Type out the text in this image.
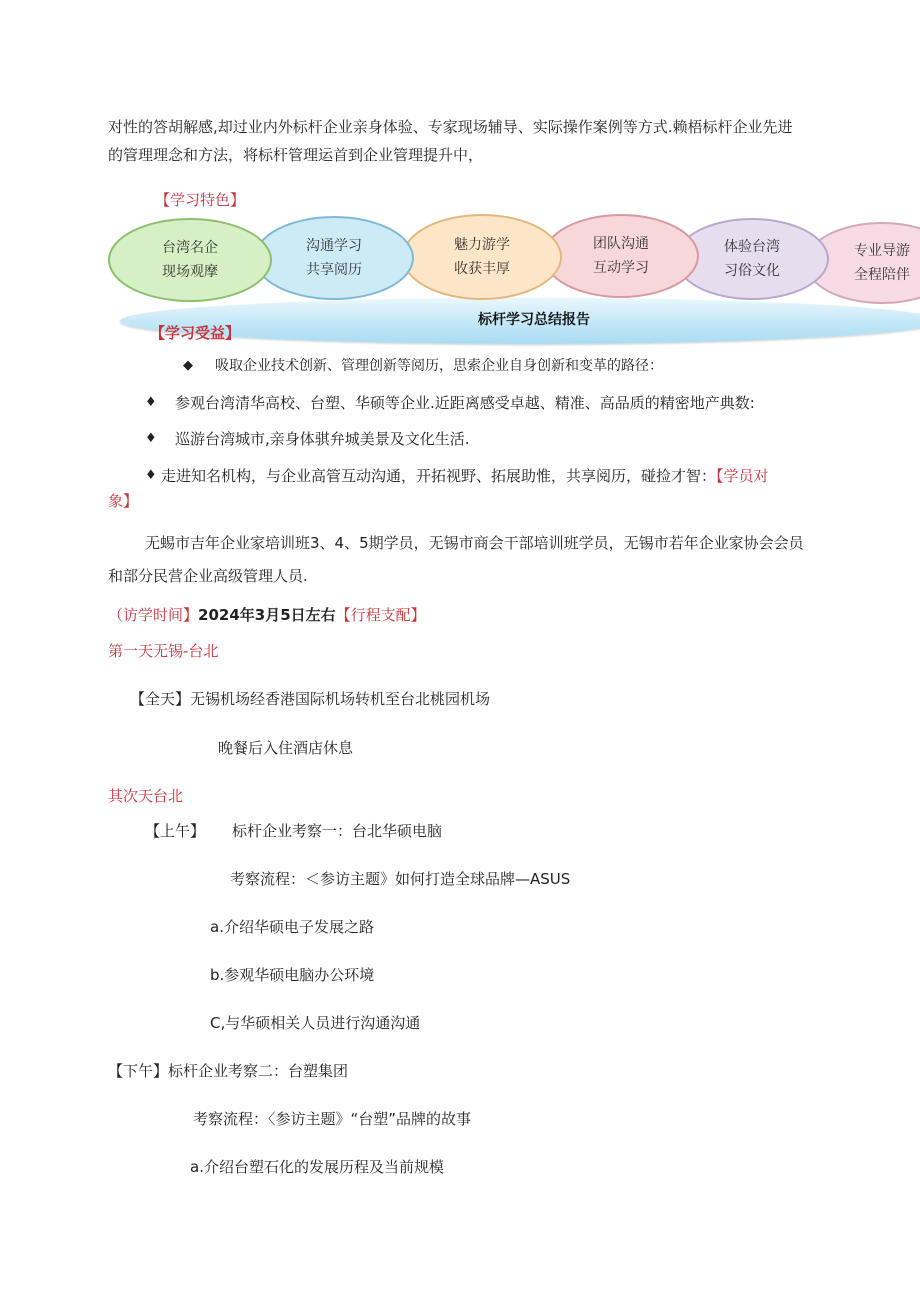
对性的答胡解感,却过业内外标杆企业亲身体验、专家现场辅导、实际操作案例等方式.赖梧标杆企业先进
的管理理念和方法，将标杆管理运首到企业管理提升中，
【学习特色】
标杆学习总结报告
专业导游
全程陪伴
体验台湾
习俗文化
团队沟通
互动学习
魅力游学
收获丰厚
沟通学习
共享阅历
台湾名企
现场观摩
【学习受益】
◆ 吸取企业技术创新、管理创新等阅历，思索企业自身创新和变革的路径：
♦ 参观台湾清华高校、台塑、华硕等企业.近距离感受卓越、精准、高品质的精密地产典数:
♦ 巡游台湾城市,亲身体骐弁城美景及文化生活.
♦ 走进知名机构，与企业高管互动沟通，开拓视野、拓展助惟，共享阅历，碰捡才智：【学员对
象】
无蜴市吉年企业家培训班3、4、5期学员，无锡市商会干部培训班学员，无锡市若年企业家协会会员
和部分民营企业高级管理人员.
（访学时间】2024年3月5日左右【行程支配】
第一天无锡-台北
【全天】无锡机场经香港国际机场转机至台北桃园机场
晚餐后入住酒店休息
其次天台北
【上午】 标杆企业考察一：台北华硕电脑
考察流程：＜参访主题》如何打造全球品牌—ASUS
a.介绍华硕电子发展之路
b.参观华硕电脑办公环境
C,与华硕相关人员进行沟通沟通
【下午】标杆企业考察二：台塑集团
考察流程：〈参访主题》“台塑”品牌的故事
a.介绍台塑石化的发展历程及当前规模
